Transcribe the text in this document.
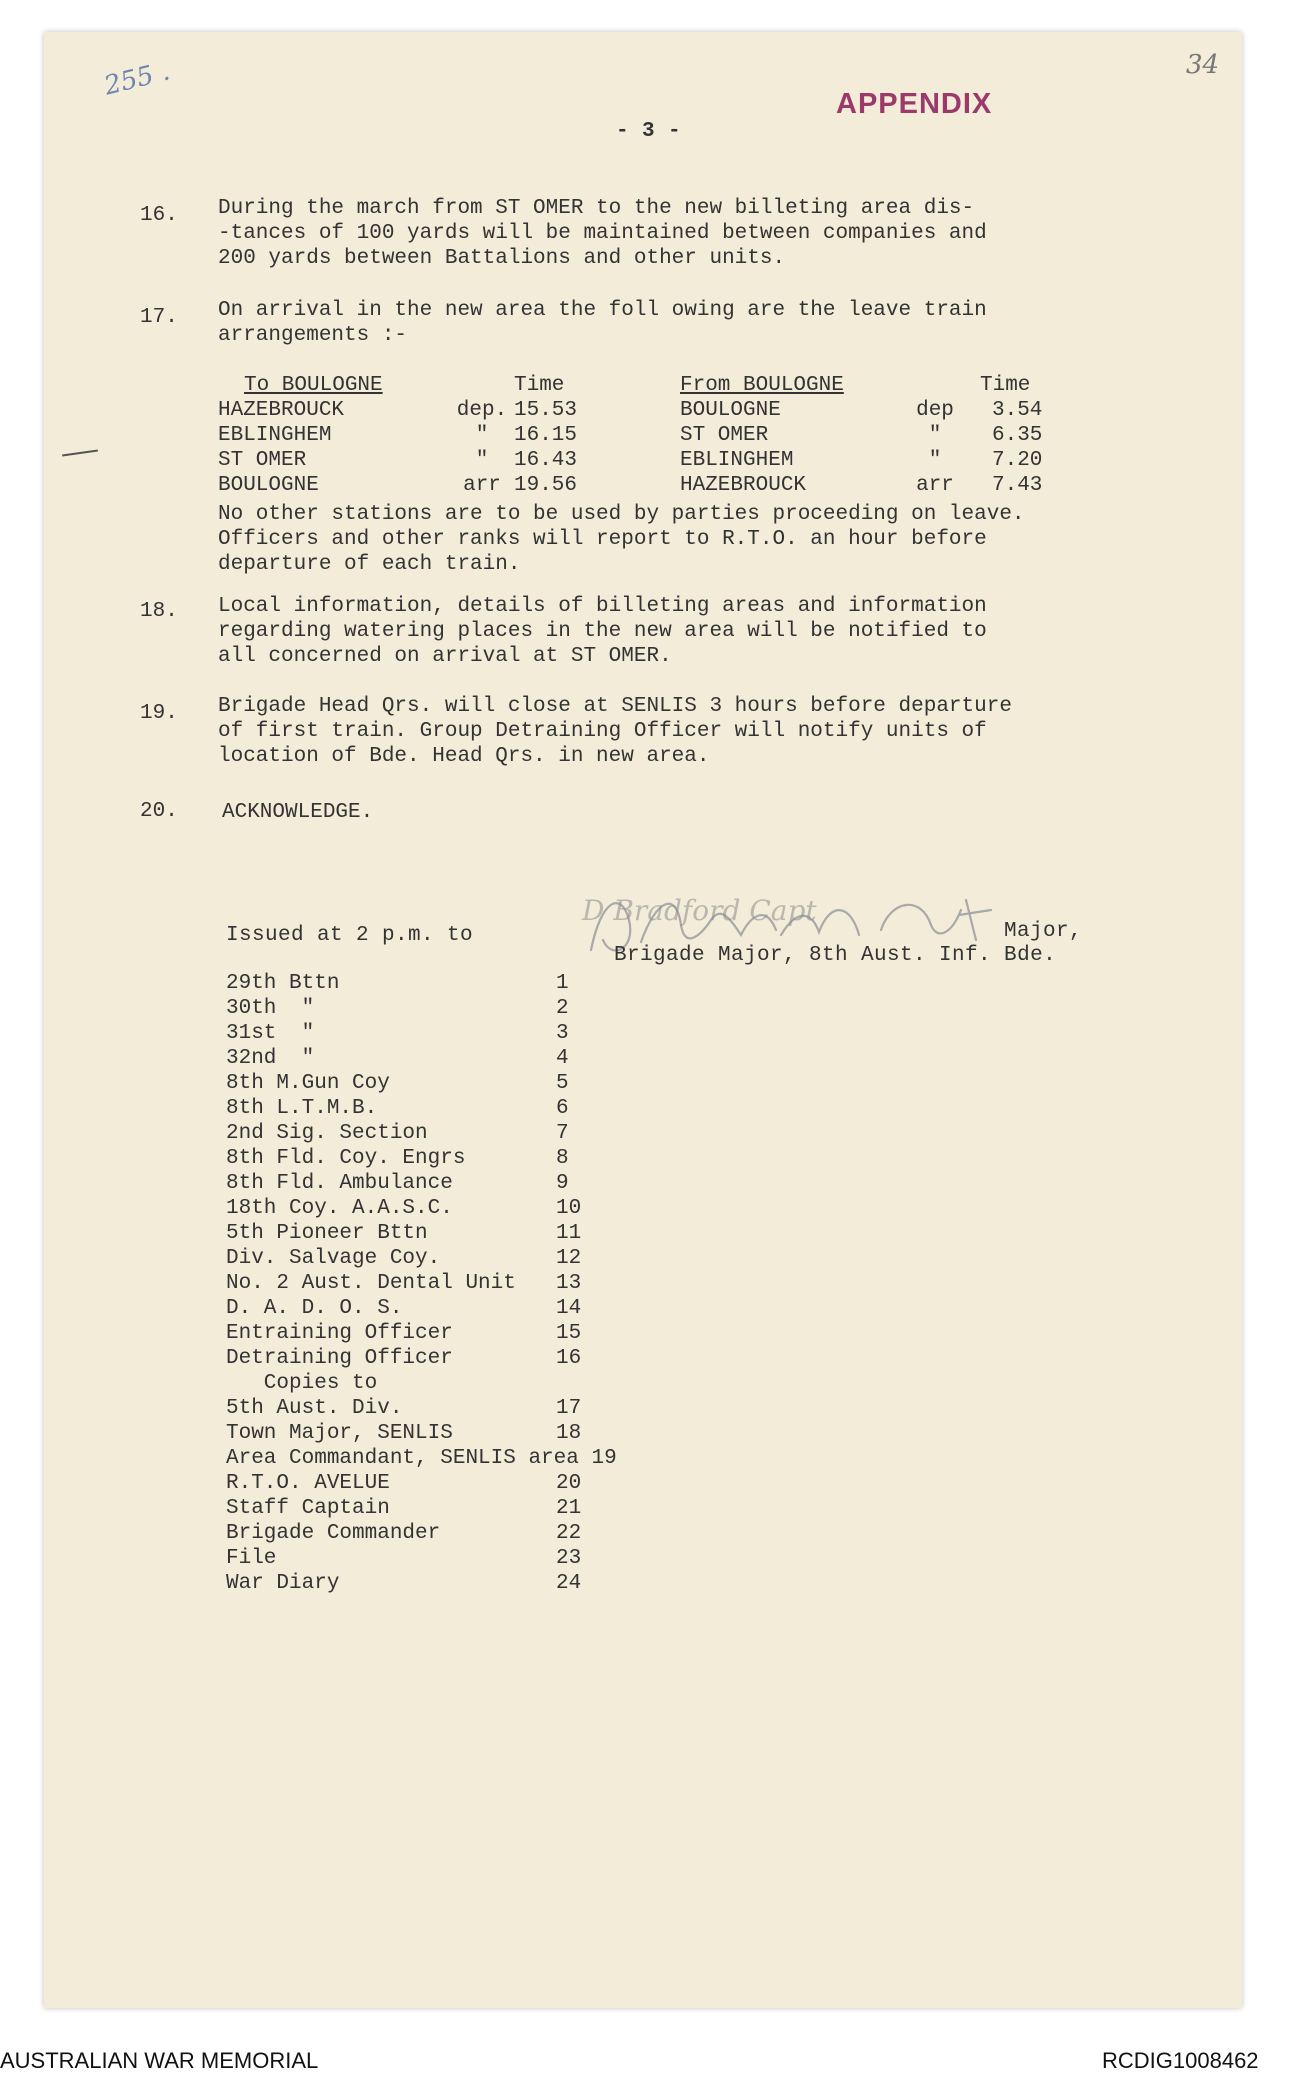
255 .	34
APPENDIX
- 3 -
16. During the march from ST OMER to the new billeting area dis-
-tances of 100 yards will be maintained between companies and
200 yards between Battalions and other units.
17. On arrival in the new area the foll owing are the leave train
arrangements :-
To BOULOGNE		Time
HAZEBROUCK	dep.	15.53
EBLINGHEM	"	16.15
ST OMER	"	16.43
BOULOGNE	arr	19.56
From BOULOGNE		Time
BOULOGNE	dep	3.54
ST OMER	"	6.35
EBLINGHEM	"	7.20
HAZEBROUCK	arr	7.43
No other stations are to be used by parties proceeding on leave.
Officers and other ranks will report to R.T.O. an hour before
departure of each train.
18. Local information, details of billeting areas and information
regarding watering places in the new area will be notified to
all concerned on arrival at ST OMER.
19. Brigade Head Qrs. will close at SENLIS 3 hours before departure
of first train. Group Detraining Officer will notify units of
location of Bde. Head Qrs. in new area.
20. ACKNOWLEDGE.

D Bradford Capt

Major,
Brigade Major, 8th Aust. Inf. Bde.
Issued at 2 p.m. to
29th Bttn	1
30th  "	2
31st  "	3
32nd  "	4
8th M.Gun Coy	5
8th L.T.M.B.	6
2nd Sig. Section	7
8th Fld. Coy. Engrs	8
8th Fld. Ambulance	9
18th Coy. A.A.S.C.	10
5th Pioneer Bttn	11
Div. Salvage Coy.	12
No. 2 Aust. Dental Unit	13
D. A. D. O. S.	14
Entraining Officer	15
Detraining Officer	16
Copies to	
5th Aust. Div.	17
Town Major, SENLIS	18
Area Commandant, SENLIS area 19	
R.T.O. AVELUE	20
Staff Captain	21
Brigade Commander	22
File	23
War Diary	24
AUSTRALIAN WAR MEMORIAL	RCDIG1008462
